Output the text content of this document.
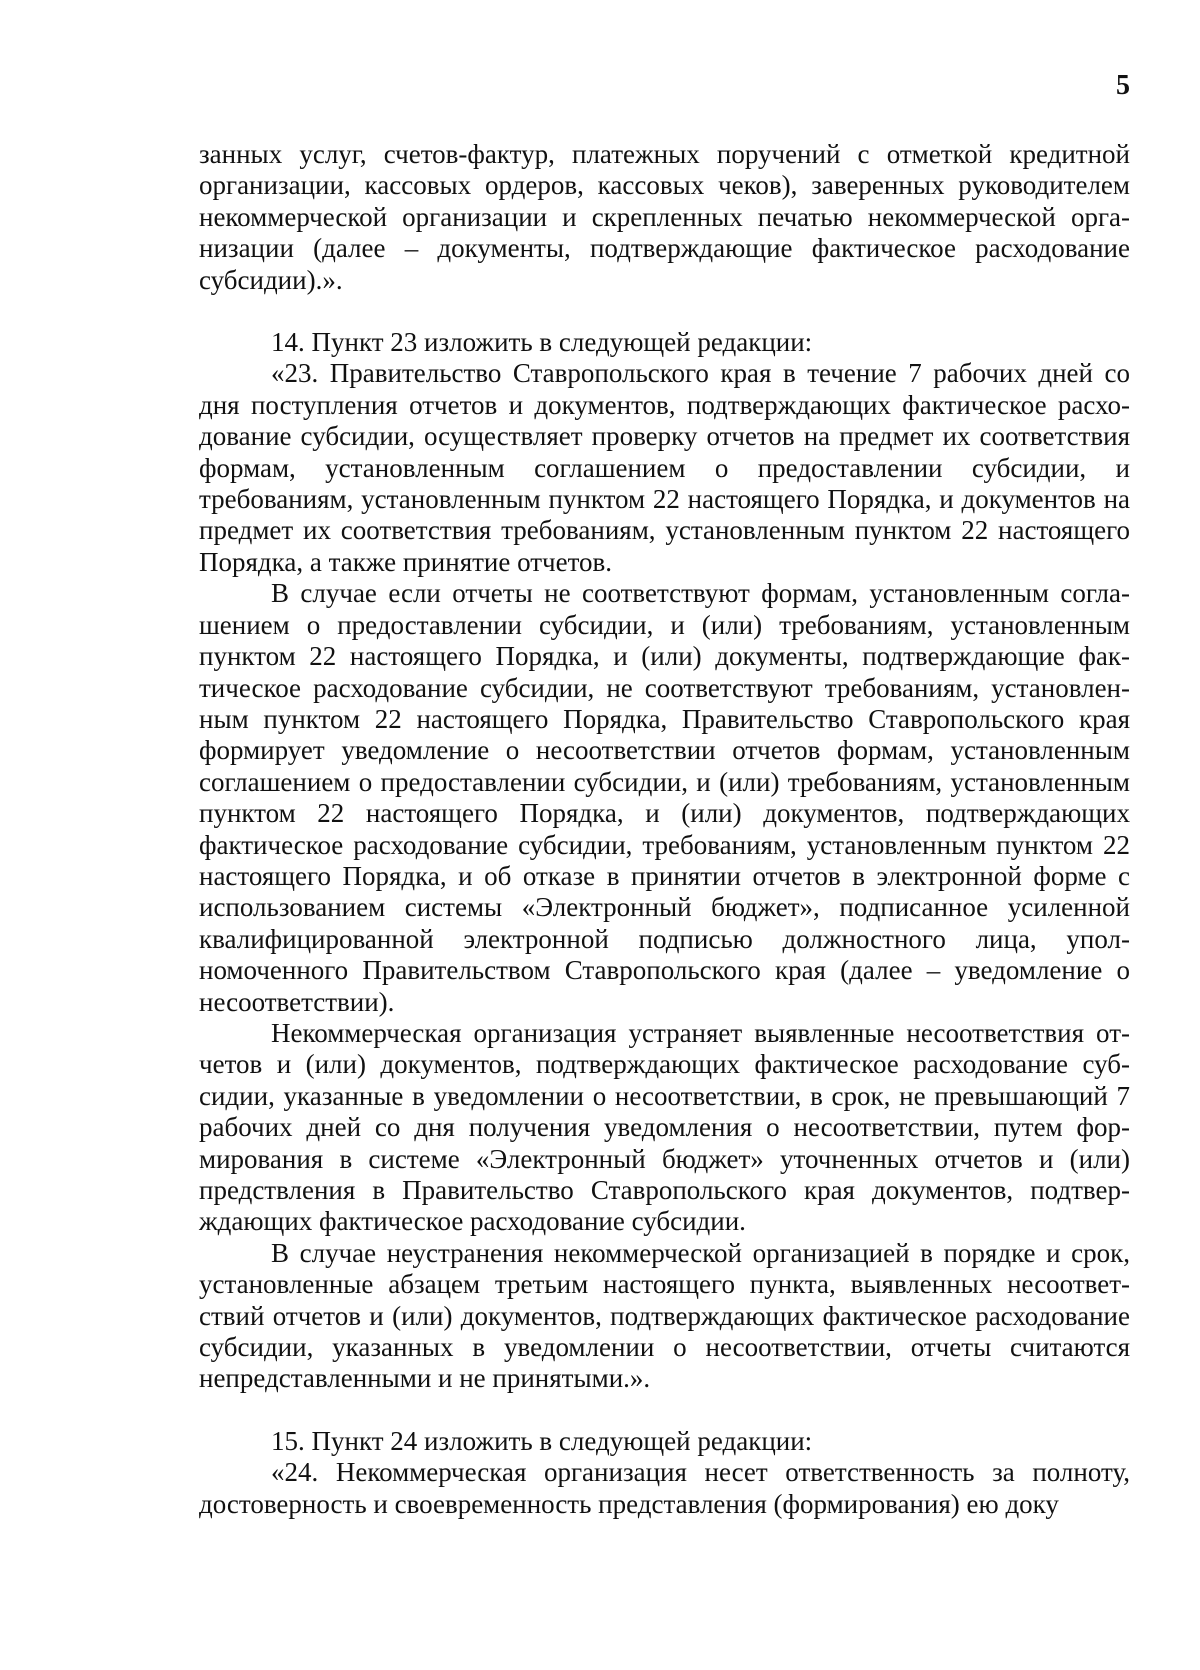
5

занных услуг, счетов-фактур, платежных поручений с отметкой кредитной организации, кассовых ордеров, кассовых чеков), заверенных руководителем некоммерческой организации и скрепленных печатью некоммерческой организации (далее – документы, подтверждающие фактическое расходование субсидии).».

14. Пункт 23 изложить в следующей редакции:

«23. Правительство Ставропольского края в течение 7 рабочих дней со дня поступления отчетов и документов, подтверждающих фактическое расходование субсидии, осуществляет проверку отчетов на предмет их соответствия формам, установленным соглашением о предоставлении субсидии, и требованиям, установленным пунктом 22 настоящего Порядка, и документов на предмет их соответствия требованиям, установленным пунктом 22 настоящего Порядка, а также принятие отчетов.

В случае если отчеты не соответствуют формам, установленным соглашением о предоставлении субсидии, и (или) требованиям, установленным пунктом 22 настоящего Порядка, и (или) документы, подтверждающие фактическое расходование субсидии, не соответствуют требованиям, установленным пунктом 22 настоящего Порядка, Правительство Ставропольского края формирует уведомление о несоответствии отчетов формам, установленным соглашением о предоставлении субсидии, и (или) требованиям, установленным пунктом 22 настоящего Порядка, и (или) документов, подтверждающих фактическое расходование субсидии, требованиям, установленным пунктом 22 настоящего Порядка, и об отказе в принятии отчетов в электронной форме с использованием системы «Электронный бюджет», подписанное усиленной квалифицированной электронной подписью должностного лица, уполномоченного Правительством Ставропольского края (далее – уведомление о несоответствии).

Некоммерческая организация устраняет выявленные несоответствия отчетов и (или) документов, подтверждающих фактическое расходование субсидии, указанные в уведомлении о несоответствии, в срок, не превышающий 7 рабочих дней со дня получения уведомления о несоответствии, путем формирования в системе «Электронный бюджет» уточненных отчетов и (или) предствления в Правительство Ставропольского края документов, подтверждающих фактическое расходование субсидии.

В случае неустранения некоммерческой организацией в порядке и срок, установленные абзацем третьим настоящего пункта, выявленных несоответствий отчетов и (или) документов, подтверждающих фактическое расходование субсидии, указанных в уведомлении о несоответствии, отчеты считаются непредставленными и не принятыми.».

15. Пункт 24 изложить в следующей редакции:

«24. Некоммерческая организация несет ответственность за полноту, достоверность и своевременность представления (формирования) ею доку
